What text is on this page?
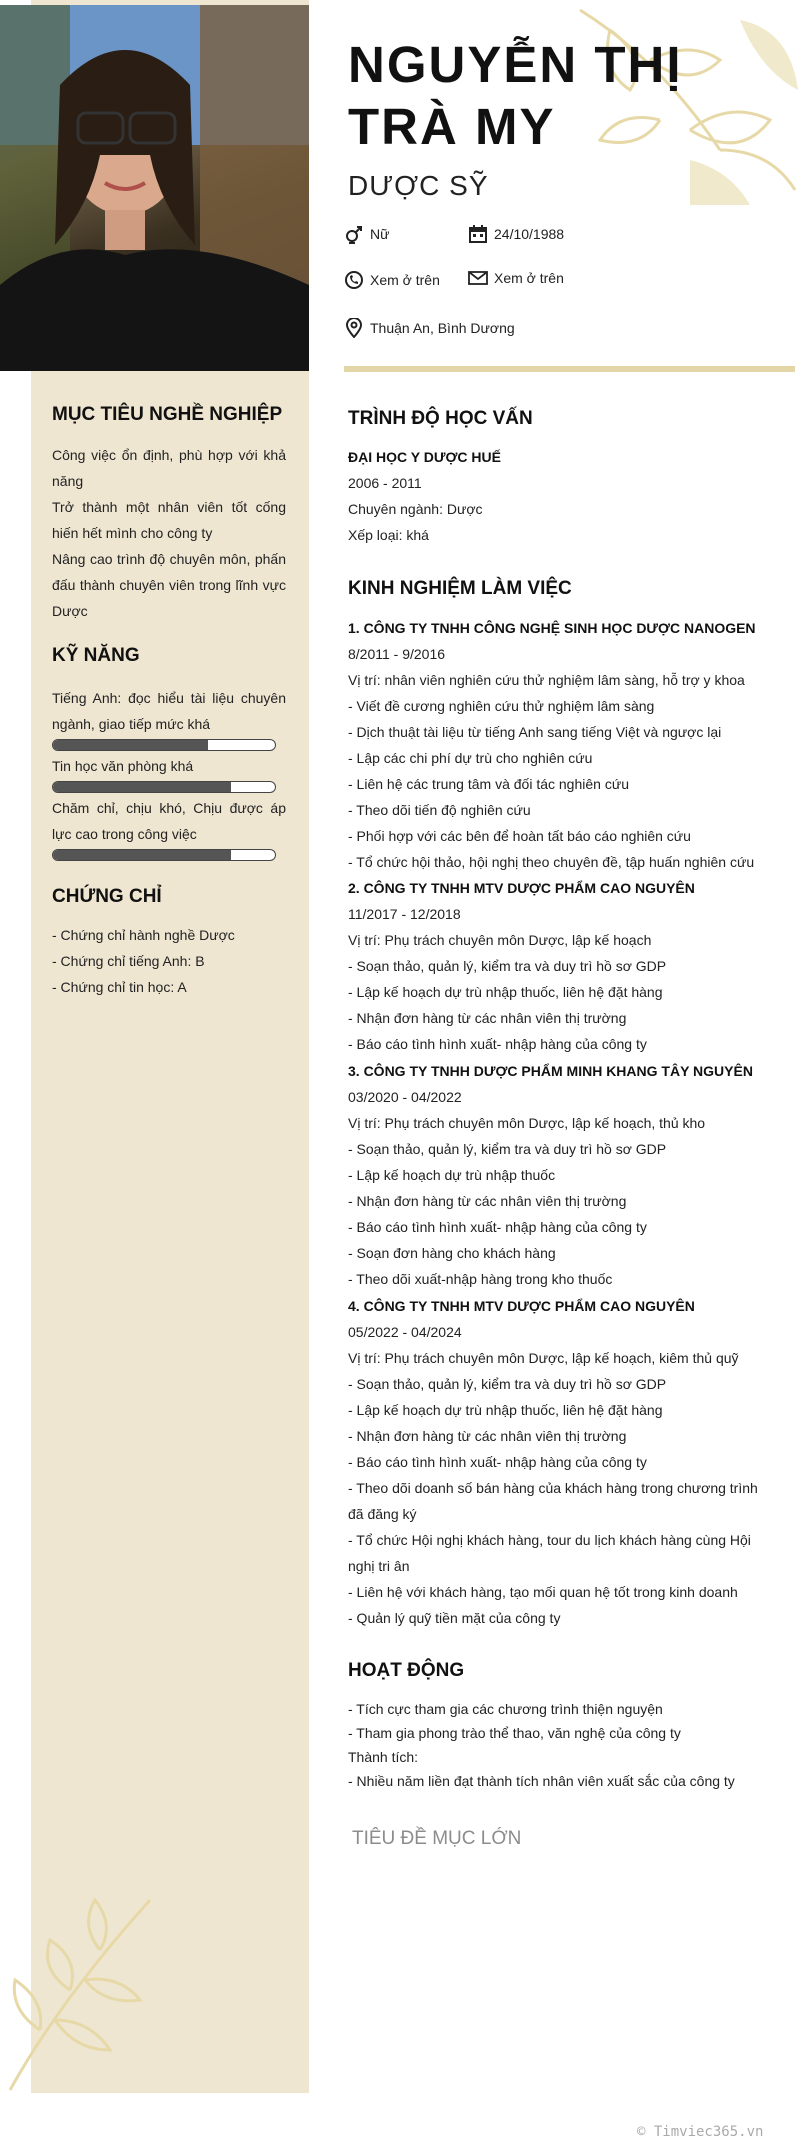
NGUYỄN THỊ
TRÀ MY
DƯỢC SỸ
Nữ	24/10/1988
Xem ở trên	Xem ở trên
Thuận An, Bình Dương
MỤC TIÊU NGHỀ NGHIỆP
Công việc ổn định, phù hợp với khả năng
Trở thành một nhân viên tốt cống hiến hết mình cho công ty
Nâng cao trình độ chuyên môn, phấn đấu thành chuyên viên trong lĩnh vực Dược
KỸ NĂNG
Tiếng Anh: đọc hiểu tài liệu chuyên ngành, giao tiếp mức khá
Tin học văn phòng khá
Chăm chỉ, chịu khó, Chịu được áp lực cao trong công việc
CHỨNG CHỈ
- Chứng chỉ hành nghề Dược
- Chứng chỉ tiếng Anh: B
- Chứng chỉ tin học: A
TRÌNH ĐỘ HỌC VẤN
ĐẠI HỌC Y DƯỢC HUẾ
2006 - 2011
Chuyên ngành: Dược
Xếp loại: khá
KINH NGHIỆM LÀM VIỆC
1. CÔNG TY TNHH CÔNG NGHỆ SINH HỌC DƯỢC NANOGEN
8/2011 - 9/2016
Vị trí: nhân viên nghiên cứu thử nghiệm lâm sàng, hỗ trợ y khoa
- Viết đề cương nghiên cứu thử nghiệm lâm sàng
- Dịch thuật tài liệu từ tiếng Anh sang tiếng Việt và ngược lại
- Lập các chi phí dự trù cho nghiên cứu
- Liên hệ các trung tâm và đối tác nghiên cứu
- Theo dõi tiến độ nghiên cứu
- Phối hợp với các bên để hoàn tất báo cáo nghiên cứu
- Tổ chức hội thảo, hội nghị theo chuyên đề, tập huấn nghiên cứu
2. CÔNG TY TNHH MTV DƯỢC PHẨM CAO NGUYÊN
11/2017 - 12/2018
Vị trí: Phụ trách chuyên môn Dược, lập kế hoạch
- Soạn thảo, quản lý, kiểm tra và duy trì hồ sơ GDP
- Lập kế hoạch dự trù nhập thuốc, liên hệ đặt hàng
- Nhận đơn hàng từ các nhân viên thị trường
- Báo cáo tình hình xuất- nhập hàng của công ty
3. CÔNG TY TNHH DƯỢC PHẨM MINH KHANG TÂY NGUYÊN
03/2020 - 04/2022
Vị trí: Phụ trách chuyên môn Dược, lập kế hoạch, thủ kho
- Soạn thảo, quản lý, kiểm tra và duy trì hồ sơ GDP
- Lập kế hoạch dự trù nhập thuốc
- Nhận đơn hàng từ các nhân viên thị trường
- Báo cáo tình hình xuất- nhập hàng của công ty
- Soạn đơn hàng cho khách hàng
- Theo dõi xuất-nhập hàng trong kho thuốc
4. CÔNG TY TNHH MTV DƯỢC PHẨM CAO NGUYÊN
05/2022 - 04/2024
Vị trí: Phụ trách chuyên môn Dược, lập kế hoạch, kiêm thủ quỹ
- Soạn thảo, quản lý, kiểm tra và duy trì hồ sơ GDP
- Lập kế hoạch dự trù nhập thuốc, liên hệ đặt hàng
- Nhận đơn hàng từ các nhân viên thị trường
- Báo cáo tình hình xuất- nhập hàng của công ty
- Theo dõi doanh số bán hàng của khách hàng trong chương trình đã đăng ký
- Tổ chức Hội nghị khách hàng, tour du lịch khách hàng cùng Hội nghị tri ân
- Liên hệ với khách hàng, tạo mối quan hệ tốt trong kinh doanh
- Quản lý quỹ tiền mặt của công ty
HOẠT ĐỘNG
- Tích cực tham gia các chương trình thiện nguyện
- Tham gia phong trào thể thao, văn nghệ của công ty
Thành tích:
- Nhiều năm liền đạt thành tích nhân viên xuất sắc của công ty
TIÊU ĐỀ MỤC LỚN
© Timviec365.vn
